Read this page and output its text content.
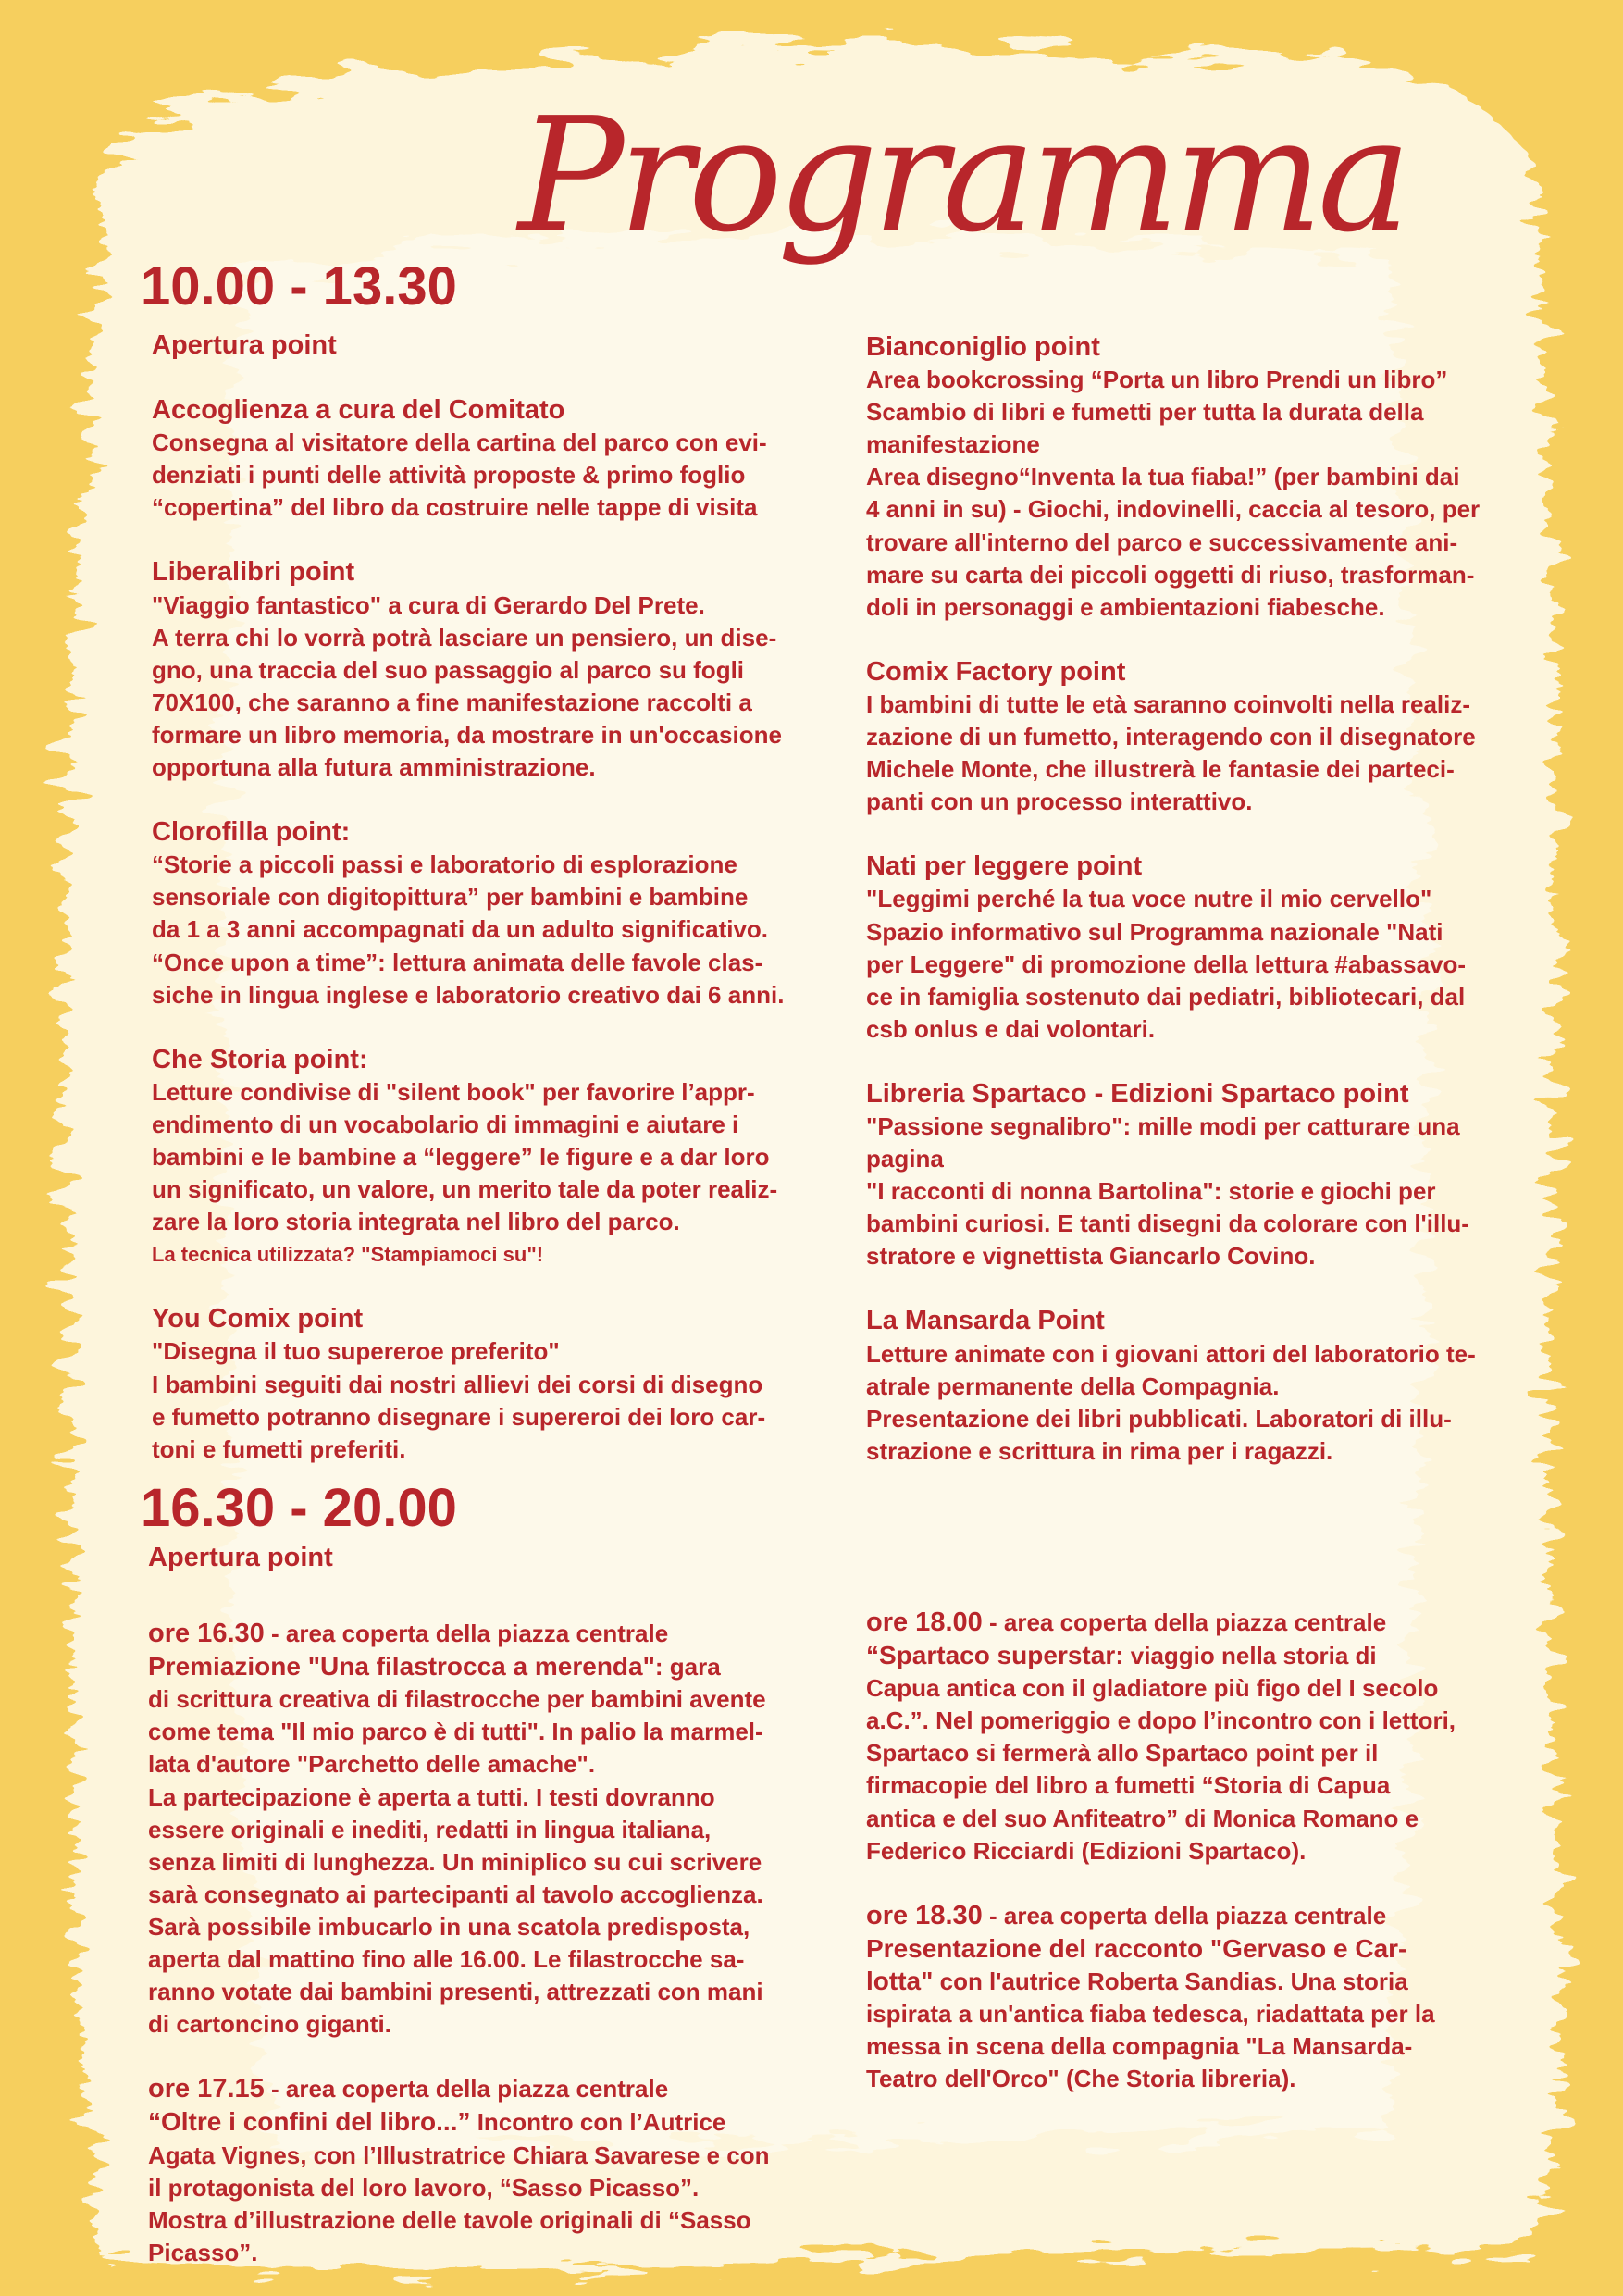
Programma
10.00 - 13.30

Apertura point

Accoglienza a cura del Comitato

Consegna al visitatore della cartina del parco con evi-

denziati i punti delle attività proposte & primo foglio

“copertina” del libro da costruire nelle tappe di visita

Liberalibri point

"Viaggio fantastico" a cura di Gerardo Del Prete.

A terra chi lo vorrà potrà lasciare un pensiero, un dise-

gno, una traccia del suo passaggio al parco su fogli

70X100, che saranno a fine manifestazione raccolti a

formare un libro memoria, da mostrare in un'occasione

opportuna alla futura amministrazione.

Clorofilla point:

“Storie a piccoli passi e laboratorio di esplorazione

sensoriale con digitopittura” per bambini e bambine

da 1 a 3 anni accompagnati da un adulto significativo.

“Once upon a time”: lettura animata delle favole clas-

siche in lingua inglese e laboratorio creativo dai 6 anni.

Che Storia point:

Letture condivise di "silent book" per favorire l’appr-

endimento di un vocabolario di immagini e aiutare i

bambini e le bambine a “leggere” le figure e a dar loro

un significato, un valore, un merito tale da poter realiz-

zare la loro storia integrata nel libro del parco.

La tecnica utilizzata? "Stampiamoci su"!

You Comix point

"Disegna il tuo supereroe preferito"

I bambini seguiti dai nostri allievi dei corsi di disegno

e fumetto potranno disegnare i supereroi dei loro car-

toni e fumetti preferiti.

Bianconiglio point

Area bookcrossing “Porta un libro Prendi un libro”

Scambio di libri e fumetti per tutta la durata della

manifestazione

Area disegno“Inventa la tua fiaba!” (per bambini dai

4 anni in su) - Giochi, indovinelli, caccia al tesoro, per

trovare all'interno del parco e successivamente ani-

mare su carta dei piccoli oggetti di riuso, trasforman-

doli in personaggi e ambientazioni fiabesche.

Comix Factory point

I bambini di tutte le età saranno coinvolti nella realiz-

zazione di un fumetto, interagendo con il disegnatore

Michele Monte, che illustrerà le fantasie dei parteci-

panti con un processo interattivo.

Nati per leggere point

"Leggimi perché la tua voce nutre il mio cervello"

Spazio informativo sul Programma nazionale "Nati

per Leggere" di promozione della lettura #abassavo-

ce in famiglia sostenuto dai pediatri, bibliotecari, dal

csb onlus e dai volontari.

Libreria Spartaco - Edizioni Spartaco point

"Passione segnalibro": mille modi per catturare una

pagina

"I racconti di nonna Bartolina": storie e giochi per

bambini curiosi. E tanti disegni da colorare con l'illu-

stratore e vignettista Giancarlo Covino.

La Mansarda Point

Letture animate con i giovani attori del laboratorio te-

atrale permanente della Compagnia.

Presentazione dei libri pubblicati. Laboratori di illu-

strazione e scrittura in rima per i ragazzi.

16.30 - 20.00

Apertura point

ore 16.30 - area coperta della piazza centrale

Premiazione "Una filastrocca a merenda": gara

di scrittura creativa di filastrocche per bambini avente

come tema "Il mio parco è di tutti". In palio la marmel-

lata d'autore "Parchetto delle amache".

La partecipazione è aperta a tutti. I testi dovranno

essere originali e inediti, redatti in lingua italiana,

senza limiti di lunghezza. Un miniplico su cui scrivere

sarà consegnato ai partecipanti al tavolo accoglienza.

Sarà possibile imbucarlo in una scatola predisposta,

aperta dal mattino fino alle 16.00. Le filastrocche sa-

ranno votate dai bambini presenti, attrezzati con mani

di cartoncino giganti.

ore 17.15 - area coperta della piazza centrale

“Oltre i confini del libro...” Incontro con l’Autrice

Agata Vignes, con l’Illustratrice Chiara Savarese e con

il protagonista del loro lavoro, “Sasso Picasso”.

Mostra d’illustrazione delle tavole originali di “Sasso

Picasso”.

ore 18.00 - area coperta della piazza centrale

“Spartaco superstar: viaggio nella storia di

Capua antica con il gladiatore più figo del I secolo

a.C.”. Nel pomeriggio e dopo l’incontro con i lettori,

Spartaco si fermerà allo Spartaco point per il

firmacopie del libro a fumetti “Storia di Capua

antica e del suo Anfiteatro” di Monica Romano e

Federico Ricciardi (Edizioni Spartaco).

ore 18.30 - area coperta della piazza centrale

Presentazione del racconto "Gervaso e Car-

lotta" con l'autrice Roberta Sandias. Una storia

ispirata a un'antica fiaba tedesca, riadattata per la

messa in scena della compagnia "La Mansarda-

Teatro dell'Orco" (Che Storia libreria).
